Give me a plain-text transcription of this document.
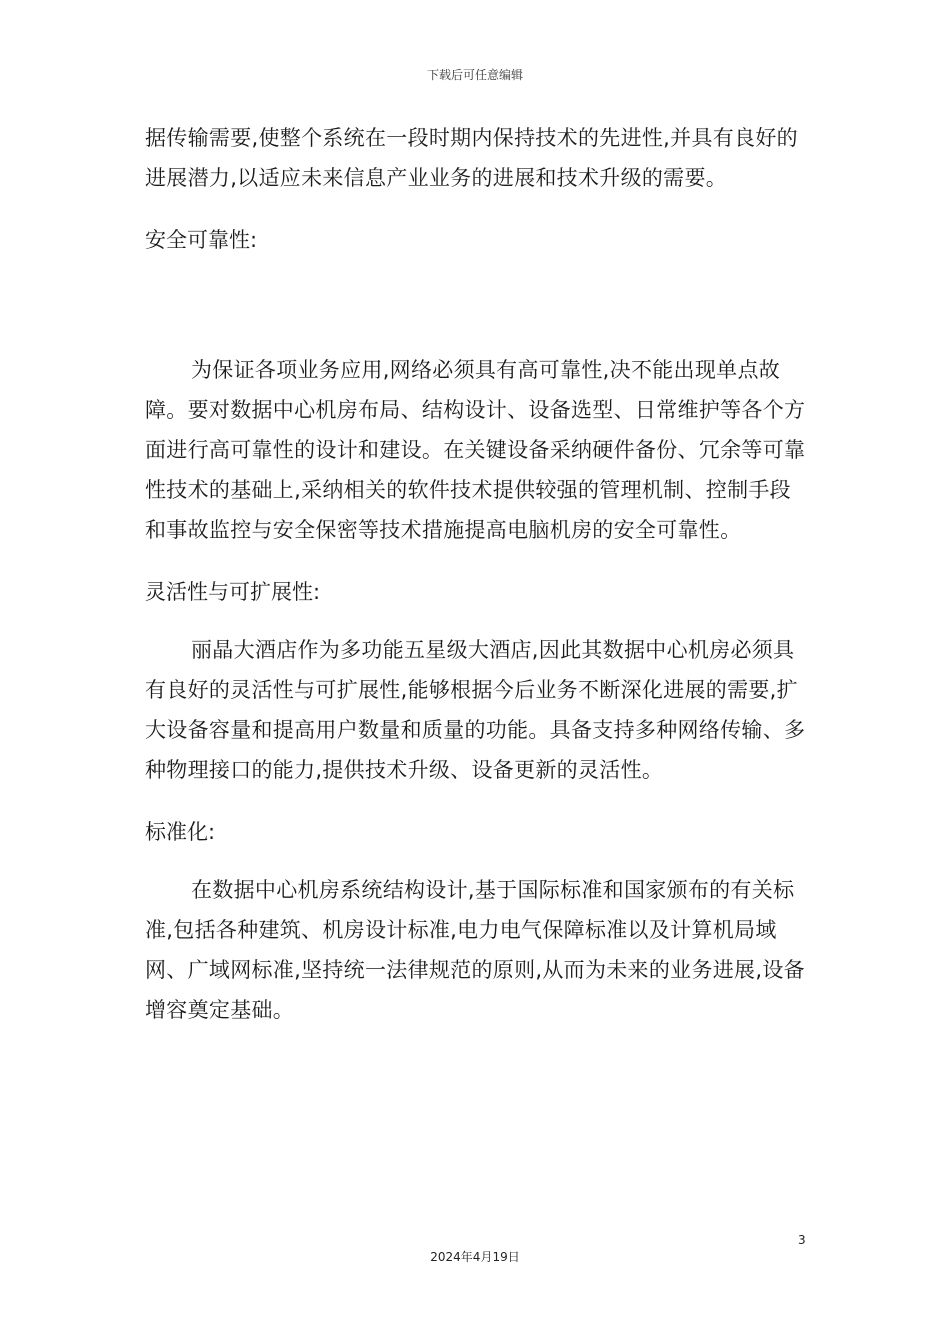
下载后可任意编辑

据传输需要,使整个系统在一段时期内保持技术的先进性,并具有良好的进展潜力,以适应未来信息产业业务的进展和技术升级的需要。

安全可靠性:

为保证各项业务应用,网络必须具有高可靠性,决不能出现单点故障。要对数据中心机房布局、结构设计、设备选型、日常维护等各个方面进行高可靠性的设计和建设。在关键设备采纳硬件备份、冗余等可靠性技术的基础上,采纳相关的软件技术提供较强的管理机制、控制手段和事故监控与安全保密等技术措施提高电脑机房的安全可靠性。

灵活性与可扩展性:

丽晶大酒店作为多功能五星级大酒店,因此其数据中心机房必须具有良好的灵活性与可扩展性,能够根据今后业务不断深化进展的需要,扩大设备容量和提高用户数量和质量的功能。具备支持多种网络传输、多种物理接口的能力,提供技术升级、设备更新的灵活性。

标准化:

在数据中心机房系统结构设计,基于国际标准和国家颁布的有关标准,包括各种建筑、机房设计标准,电力电气保障标准以及计算机局域网、广域网标准,坚持统一法律规范的原则,从而为未来的业务进展,设备增容奠定基础。

3
2024年4月19日
